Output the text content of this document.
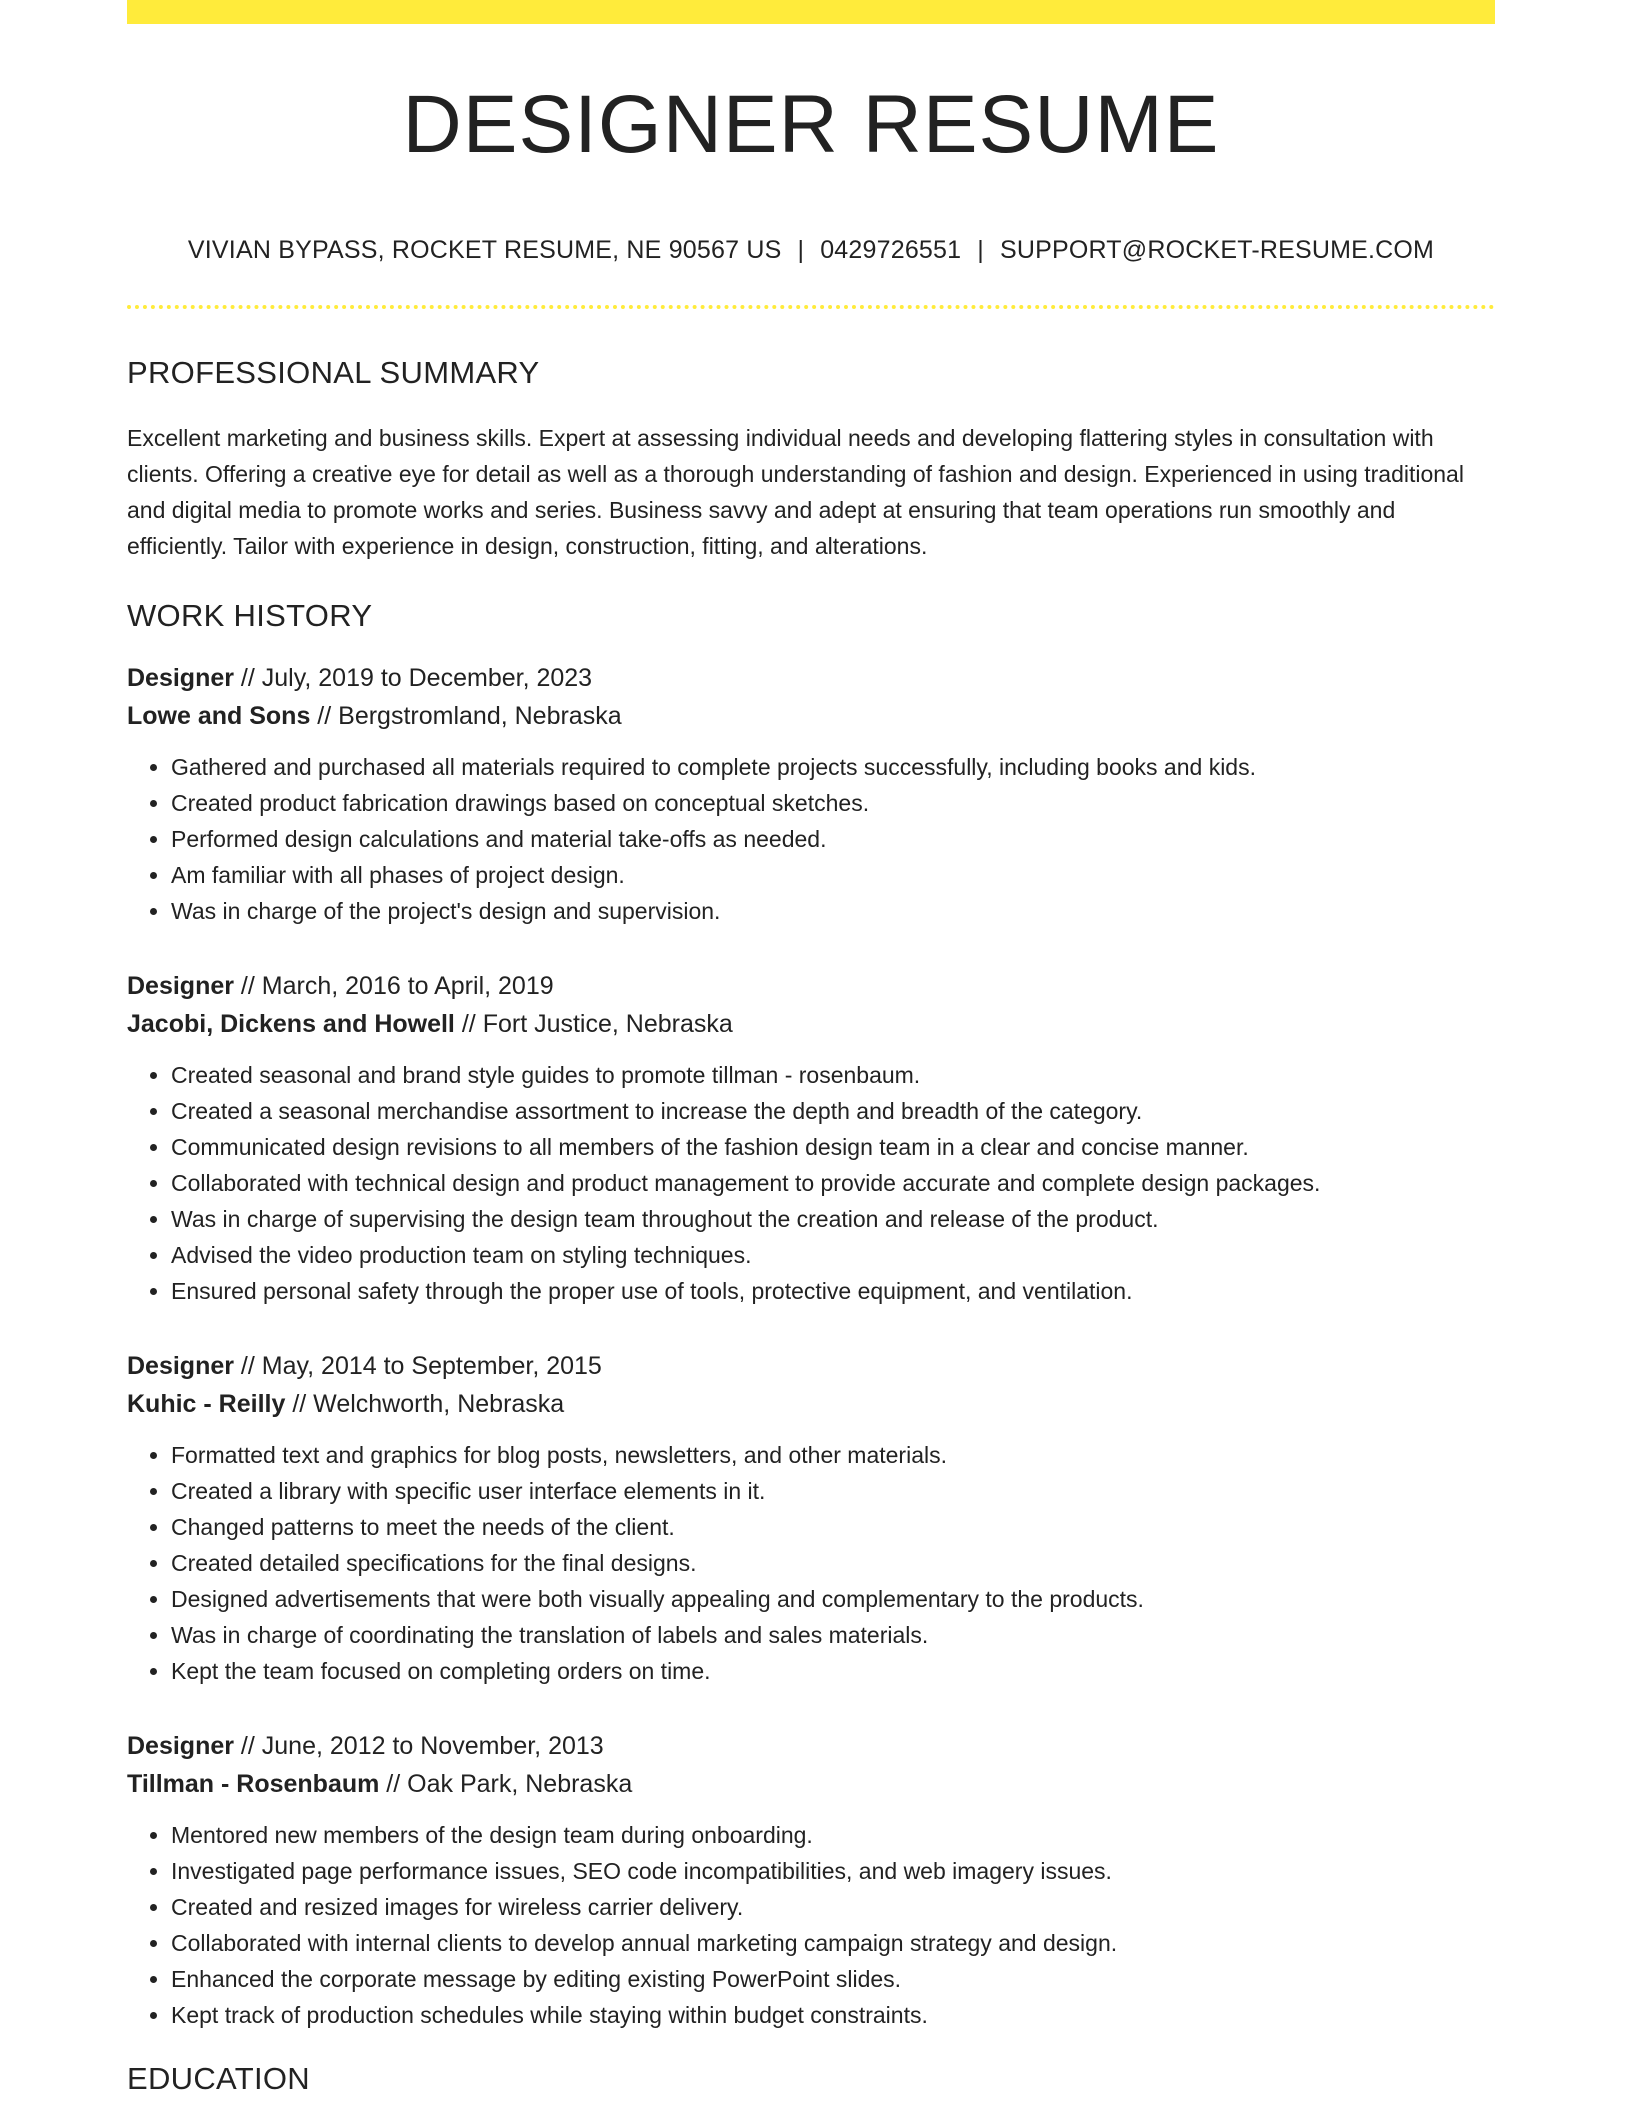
DESIGNER RESUME
VIVIAN BYPASS, ROCKET RESUME, NE 90567 US | 0429726551 | SUPPORT@ROCKET-RESUME.COM
PROFESSIONAL SUMMARY

Excellent marketing and business skills. Expert at assessing individual needs and developing flattering styles in consultation with clients. Offering a creative eye for detail as well as a thorough understanding of fashion and design. Experienced in using traditional and digital media to promote works and series. Business savvy and adept at ensuring that team operations run smoothly and efficiently. Tailor with experience in design, construction, fitting, and alterations.

WORK HISTORY
Designer // July, 2019 to December, 2023
Lowe and Sons // Bergstromland, Nebraska
• Gathered and purchased all materials required to complete projects successfully, including books and kids.
• Created product fabrication drawings based on conceptual sketches.
• Performed design calculations and material take-offs as needed.
• Am familiar with all phases of project design.
• Was in charge of the project's design and supervision.
Designer // March, 2016 to April, 2019
Jacobi, Dickens and Howell // Fort Justice, Nebraska
• Created seasonal and brand style guides to promote tillman - rosenbaum.
• Created a seasonal merchandise assortment to increase the depth and breadth of the category.
• Communicated design revisions to all members of the fashion design team in a clear and concise manner.
• Collaborated with technical design and product management to provide accurate and complete design packages.
• Was in charge of supervising the design team throughout the creation and release of the product.
• Advised the video production team on styling techniques.
• Ensured personal safety through the proper use of tools, protective equipment, and ventilation.
Designer // May, 2014 to September, 2015
Kuhic - Reilly // Welchworth, Nebraska
• Formatted text and graphics for blog posts, newsletters, and other materials.
• Created a library with specific user interface elements in it.
• Changed patterns to meet the needs of the client.
• Created detailed specifications for the final designs.
• Designed advertisements that were both visually appealing and complementary to the products.
• Was in charge of coordinating the translation of labels and sales materials.
• Kept the team focused on completing orders on time.
Designer // June, 2012 to November, 2013
Tillman - Rosenbaum // Oak Park, Nebraska
• Mentored new members of the design team during onboarding.
• Investigated page performance issues, SEO code incompatibilities, and web imagery issues.
• Created and resized images for wireless carrier delivery.
• Collaborated with internal clients to develop annual marketing campaign strategy and design.
• Enhanced the corporate message by editing existing PowerPoint slides.
• Kept track of production schedules while staying within budget constraints.
EDUCATION
